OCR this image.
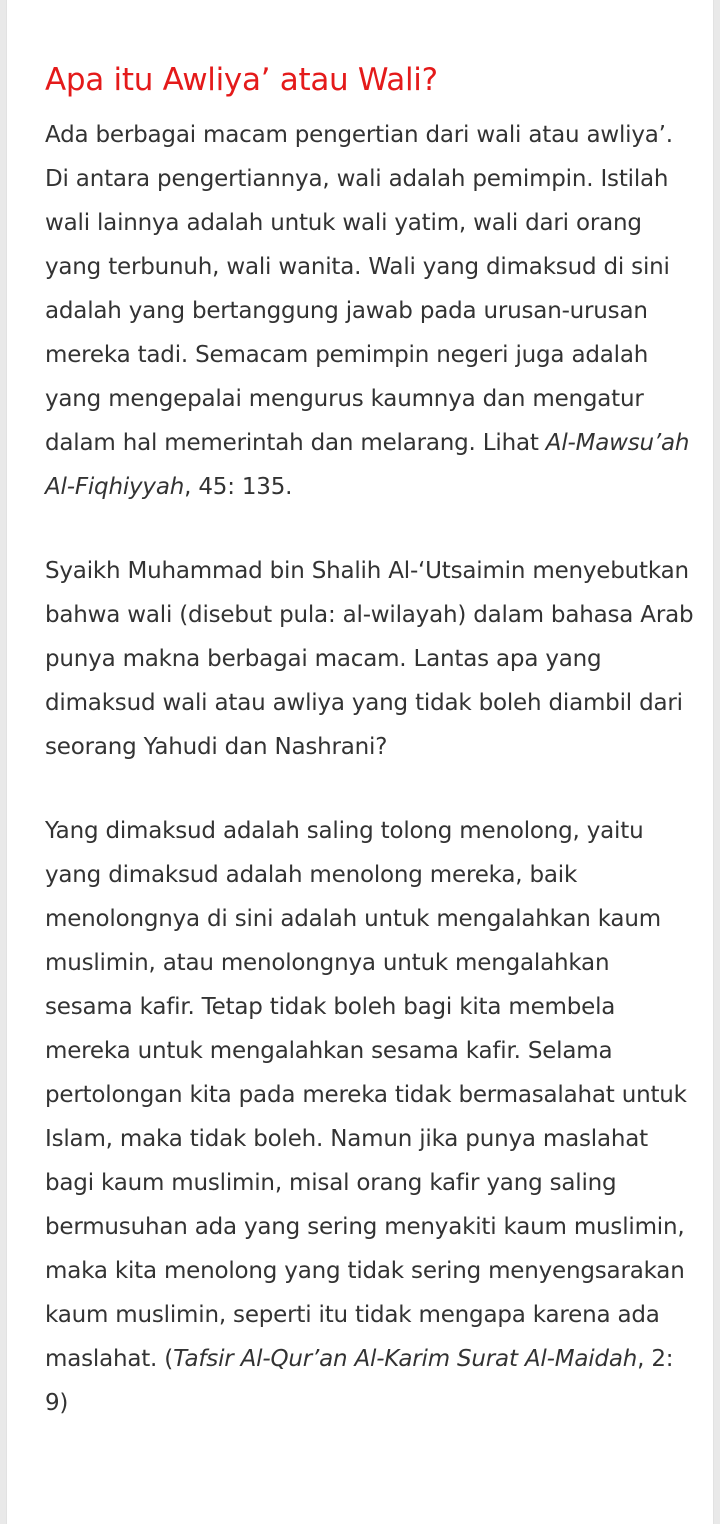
Apa itu Awliya’ atau Wali?

Ada berbagai macam pengertian dari wali atau awliya’. Di antara pengertiannya, wali adalah pemimpin. Istilah wali lainnya adalah untuk wali yatim, wali dari orang yang terbunuh, wali wanita. Wali yang dimaksud di sini adalah yang bertanggung jawab pada urusan-urusan mereka tadi. Semacam pemimpin negeri juga adalah yang mengepalai mengurus kaumnya dan mengatur dalam hal memerintah dan melarang. Lihat Al-Mawsu’ah Al-Fiqhiyyah, 45: 135.

Syaikh Muhammad bin Shalih Al-‘Utsaimin menyebutkan bahwa wali (disebut pula: al-wilayah) dalam bahasa Arab punya makna berbagai macam. Lantas apa yang dimaksud wali atau awliya yang tidak boleh diambil dari seorang Yahudi dan Nashrani?

Yang dimaksud adalah saling tolong menolong, yaitu yang dimaksud adalah menolong mereka, baik menolongnya di sini adalah untuk mengalahkan kaum muslimin, atau menolongnya untuk mengalahkan sesama kafir. Tetap tidak boleh bagi kita membela mereka untuk mengalahkan sesama kafir. Selama pertolongan kita pada mereka tidak bermasalahat untuk Islam, maka tidak boleh. Namun jika punya maslahat bagi kaum muslimin, misal orang kafir yang saling bermusuhan ada yang sering menyakiti kaum muslimin, maka kita menolong yang tidak sering menyengsarakan kaum muslimin, seperti itu tidak mengapa karena ada maslahat. (Tafsir Al-Qur’an Al-Karim Surat Al-Maidah, 2: 9)
